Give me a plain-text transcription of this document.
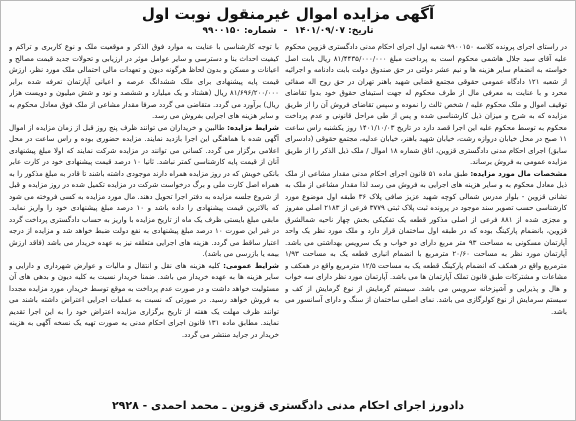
آگهی مزایده اموال غیرمنقول نوبت اول
تاریخ: ۱۴۰۱/۰۹/۰۷ - شماره: ۹۹۰۰۱۵۰

در راستای اجرای پرونده کلاسه ۹۹۰۰۱۵۰ شعبه اول اجرای احکام مدنی دادگستری قزوین محکوم علیه آقای سید جلال هاشمی محکوم است به پرداخت مبلغ ۸۱/۴۴۳۵/۰۰۰/۰۰۰ ریال بابت اصل خواسته به انضمام سایر هزینه ها و نیم عشر دولتی در حق صندوق دولت بابت دادنامه و اجرائیه از شعبه ۱۲۱ دادگاه عمومی حقوقی مجتمع قضایی شهید باهنر تهران در حق روح اله صفائی محرد و با عنایت به معرفی مال از طرف محکوم له جهت استیفای حقوق خود بدوا تقاضای توقیف اموال و ملک محکوم علیه / شخص ثالث را نموده و سپس تقاضای فروش آن را از طریق مزایده که به شرح و میزان ذیل کارشناسی شده و پس از طی مراحل قانونی و عدم پرداخت محکوم به توسط محکوم علیه این اجرا قصد دارد در تاریخ ۱۴۰۱/۱۰/۰۳ روز یکشنبه راس ساعت ۱۱ صبح در محل خیابان دروازه رشت، خیابان شهید باهنر، خیابان عدلیه، مجتمع حقوقی (دادسرای سابق) اجرای احکام مدنی دادگستری قزوین، اتاق شماره ۱۸ اموال / ملک ذیل الذکر را از طریق مزایده عمومی به فروش برساند.

مشخصات مال مورد مزایده: طبق ماده ۵۱ قانون اجرای احکام مدنی مقدار مشاعی از ملک ذیل معادل محکوم به و سایر هزینه های اجرایی به فروش می رسد لذا مقدار مشاعی از ملک به نشانی قزوین - بلوار مدرس شمالی کوچه شهید عزیز صافی پلاک ۳۶ طبقه اول موضوع مورد کارشناسی حسب تصویر سند موجود در پرونده ثبت پلاک ثبتی ۳۷۷۹ فرعی از ۲۱۸۳ اصلی مفروز و مجزی شده از ۸۸۱ فرعی از اصلی مذکور قطعه یک تفکیکی بخش چهار ناحیه شمالشرق قزوین، بانضمام پارکینگ بوده که در طبقه اول ساختمان قرار دارد و ملک مورد نظر یک واحد آپارتمان مسکونی به مساحت ۹۳ متر مربع دارای دو خواب و یک سرویس بهداشتی می باشد. آپارتمان مورد نظر به مساحت ۲۰/۶۰ مترمربع با انضمام انباری قطعه یک به مساحت ۱/۹۳ مترمربع واقع در همکف که انضمام پارکینگ قطعه یک به مساحت ۱۲/۵ مترمربع واقع در همکف و مشاعات و مشترکات طبق قانون تملک آپارتمان ها می باشد. آپارتمان مورد نظر دارای سه خواب و هال و پذیرایی و آشپزخانه سرویس می باشد. سیستم گرمایش از نوع گرمایش از کف و سیستم سرمایش از نوع کولرگازی می باشد. نمای اصلی ساختمان از سنگ و دارای آسانسور می باشد.

با توجه کارشناسی با عنایت به موارد فوق الذکر و موقعیت ملک و نوع کاربری و تراکم و کیفیت احداث بنا و دسترسی و سایر عوامل موثر در ارزیابی و تحولات جدید قیمت مصالح و اعیانات و مسکن و بدون لحاظ هرگونه دیون و تعهدات مالی احتمالی ملک مورد نظر، ارزش قیمت پایه پیشنهادی برای ملک ششدانگ عرصه و اعیانی آپارتمان تعرفه شده برابر ۸۱/۶۹۶/۲۰۰/۰۰۰ ریال (هشتاد و یک میلیارد و ششصد و نود و شش میلیون و دویست هزار ریال) برآورد می گردد. متقاضی می گردد صرفا مقدار مشاعی از ملک فوق معادل محکوم به و سایر هزینه های اجرایی بفروش می رسد.

شرایط مزایده: طالبین و خریداران می توانند ظرف پنج روز قبل از زمان مزایده از اموال آگهی شده با هماهنگی این اجرا بازدید نمایند. مزایده حضوری بوده و راس ساعت در محل اعلامی برگزار می گردد. کسانی می توانند در مزایده شرکت نمایند که اولا مبلغ پیشنهادی آنان از قیمت پایه کارشناسی کمتر نباشد. ثانیا ۱۰ درصد قیمت پیشنهادی خود در کارت عابر بانکی خویش که در روز مزایده همراه دارند موجودی داشته باشند تا قادر به مبلغ مذکور را به همراه اصل کارت ملی و برگ درخواست شرکت در مزایده تکمیل شده در روز مزایده و قبل از شروع جلسه مزایده به دفتر اجرا تحویل دهند. مال مورد مزایده به کسی فروخته می شود که بالاترین قیمت پیشنهادی را داده باشد و ۱۰ درصد مبلغ پیشنهادی خود را واریز نماید. مابقی مبلغ بایستی ظرف یک ماه از تاریخ مزایده با واریز به حساب دادگستری پرداخت گردد در غیر این صورت ۱۰ درصد مبلغ پیشنهادی به نفع دولت ضبط خواهد شد و مزایده از درجه اعتبار ساقط می گردد. هزینه های اجرایی متعلقه نیز به عهده خریدار می باشد (فاقد ارزش بیمه یا بازرسی می باشد).

شرایط عمومی: کلیه هزینه های نقل و انتقال و مالیات و عوارض شهرداری و دارایی و سایر هزینه ها به عهده خریدار می باشد. ضمنا خریدار نسبت به کلیه دیون و بدهی های آن مسئولیت خواهد داشت و در صورت عدم پرداخت به موقع توسط خریدار، مورد مزایده مجددا به فروش خواهد رسید. در صورتی که نسبت به عملیات اجرایی اعتراض داشته باشند می توانند ظرف مهلت یک هفته از تاریخ برگزاری مزایده اعتراض خود را به این اجرا تقدیم نمایند. مطابق ماده ۱۳۱ قانون اجرای احکام مدنی به صورت تهیه یک نسخه آگهی به هزینه خریدار در جراید منتشر می گردد.

دادورز اجرای احکام مدنی دادگستری قزوین ـ محمد احمدی - ۲۹۲۸
